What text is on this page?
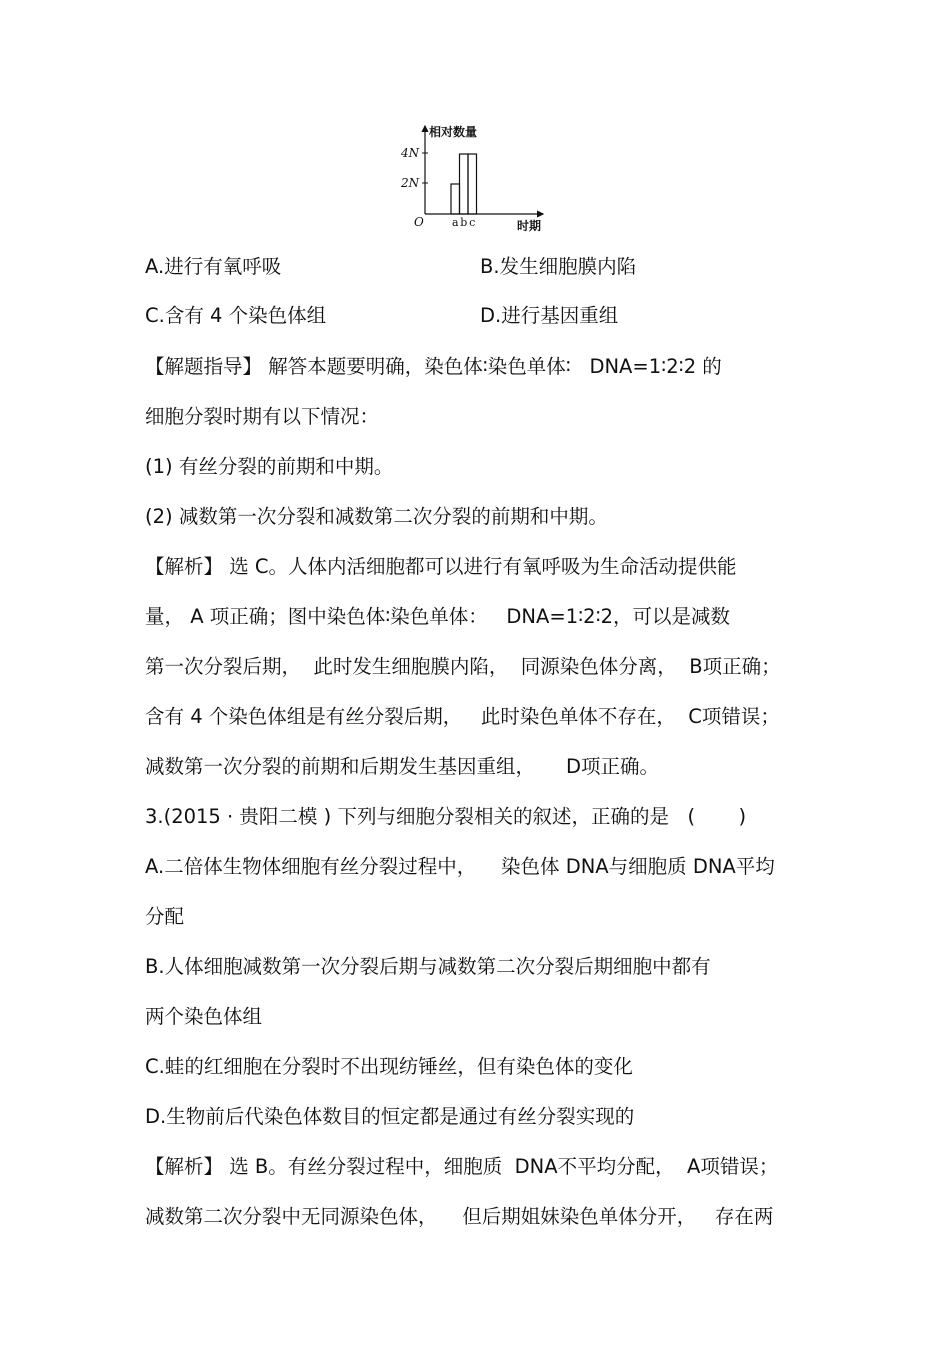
相对数量
4N
2N
O	a b c	时期
A.进行有氧呼吸	B.发生细胞膜内陷
C.含有 4 个染色体组	D.进行基因重组
【解题指导】 解答本题要明确，染色体∶染色单体∶   DNA=1∶2∶2 的
细胞分裂时期有以下情况：
(1) 有丝分裂的前期和中期。
(2) 减数第一次分裂和减数第二次分裂的前期和中期。
【解析】 选 C。人体内活细胞都可以进行有氧呼吸为生命活动提供能
量， A 项正确；图中染色体∶染色单体：   DNA=1∶2∶2，可以是减数
第一次分裂后期，  此时发生细胞膜内陷，  同源染色体分离，  B项正确；
含有 4 个染色体组是有丝分裂后期，   此时染色单体不存在，  C项错误；
减数第一次分裂的前期和后期发生基因重组，     D项正确。
3.(2015 · 贵阳二模 ) 下列与细胞分裂相关的叙述，正确的是   (       )
A.二倍体生物体细胞有丝分裂过程中，    染色体 DNA与细胞质 DNA平均
分配
B.人体细胞减数第一次分裂后期与减数第二次分裂后期细胞中都有
两个染色体组
C.蛙的红细胞在分裂时不出现纺锤丝，但有染色体的变化
D.生物前后代染色体数目的恒定都是通过有丝分裂实现的
【解析】 选 B。有丝分裂过程中，细胞质  DNA不平均分配，  A项错误；
减数第二次分裂中无同源染色体，    但后期姐妹染色单体分开，   存在两
